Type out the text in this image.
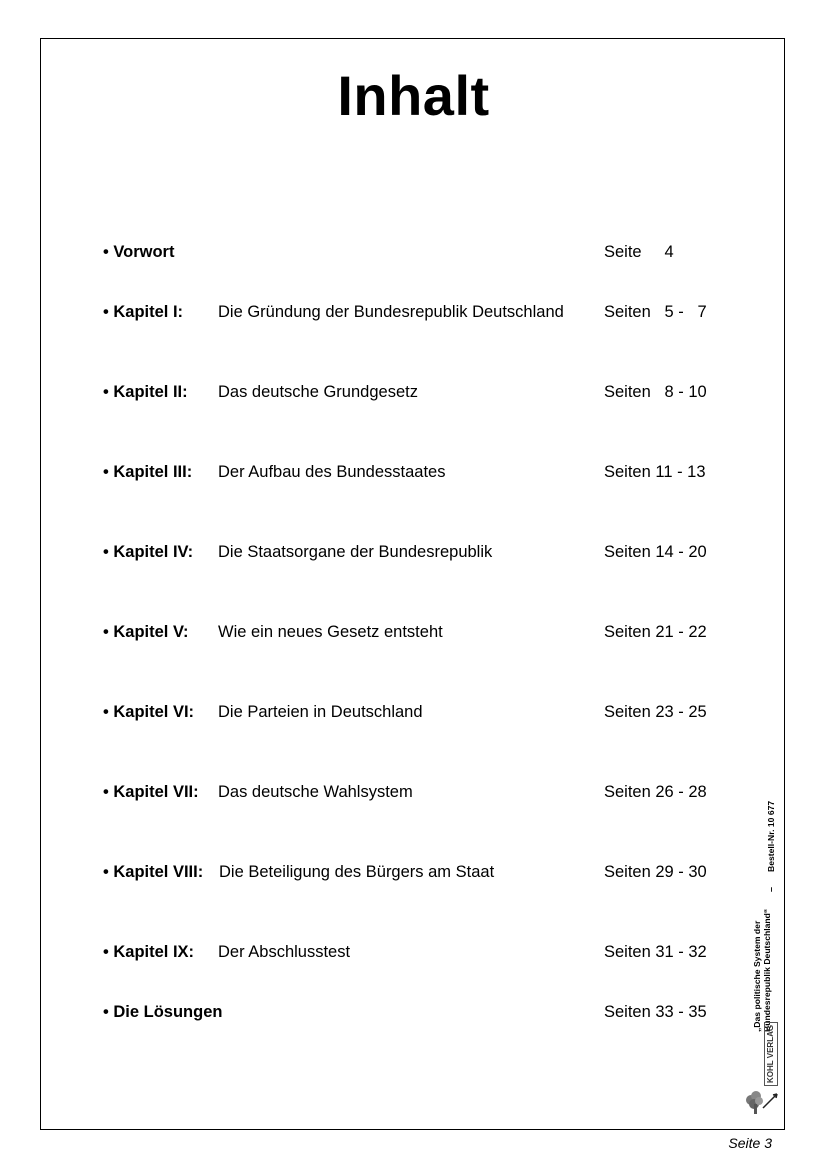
Inhalt
• Vorwort	Seite     4
• Kapitel I: Die Gründung der Bundesrepublik Deutschland Seiten   5 -   7
• Kapitel II: Das deutsche Grundgesetz	Seiten   8 - 10
• Kapitel III: Der Aufbau des Bundesstaates	Seiten 11 - 13
• Kapitel IV: Die Staatsorgane der Bundesrepublik	Seiten 14 - 20
• Kapitel V: Wie ein neues Gesetz entsteht	Seiten 21 - 22
• Kapitel VI: Die Parteien in Deutschland	Seiten 23 - 25
• Kapitel VII: Das deutsche Wahlsystem	Seiten 26 - 28
• Kapitel VIII: Die Beteiligung des Bürgers am Staat	Seiten 29 - 30
• Kapitel IX: Der Abschlusstest	Seiten 31 - 32
• Die Lösungen	Seiten 33 - 35	„Das politische System der Bundesrepublik Deutschland“
–
Bestell-Nr. 10 677
KOHL VERLAG
Seite 3
